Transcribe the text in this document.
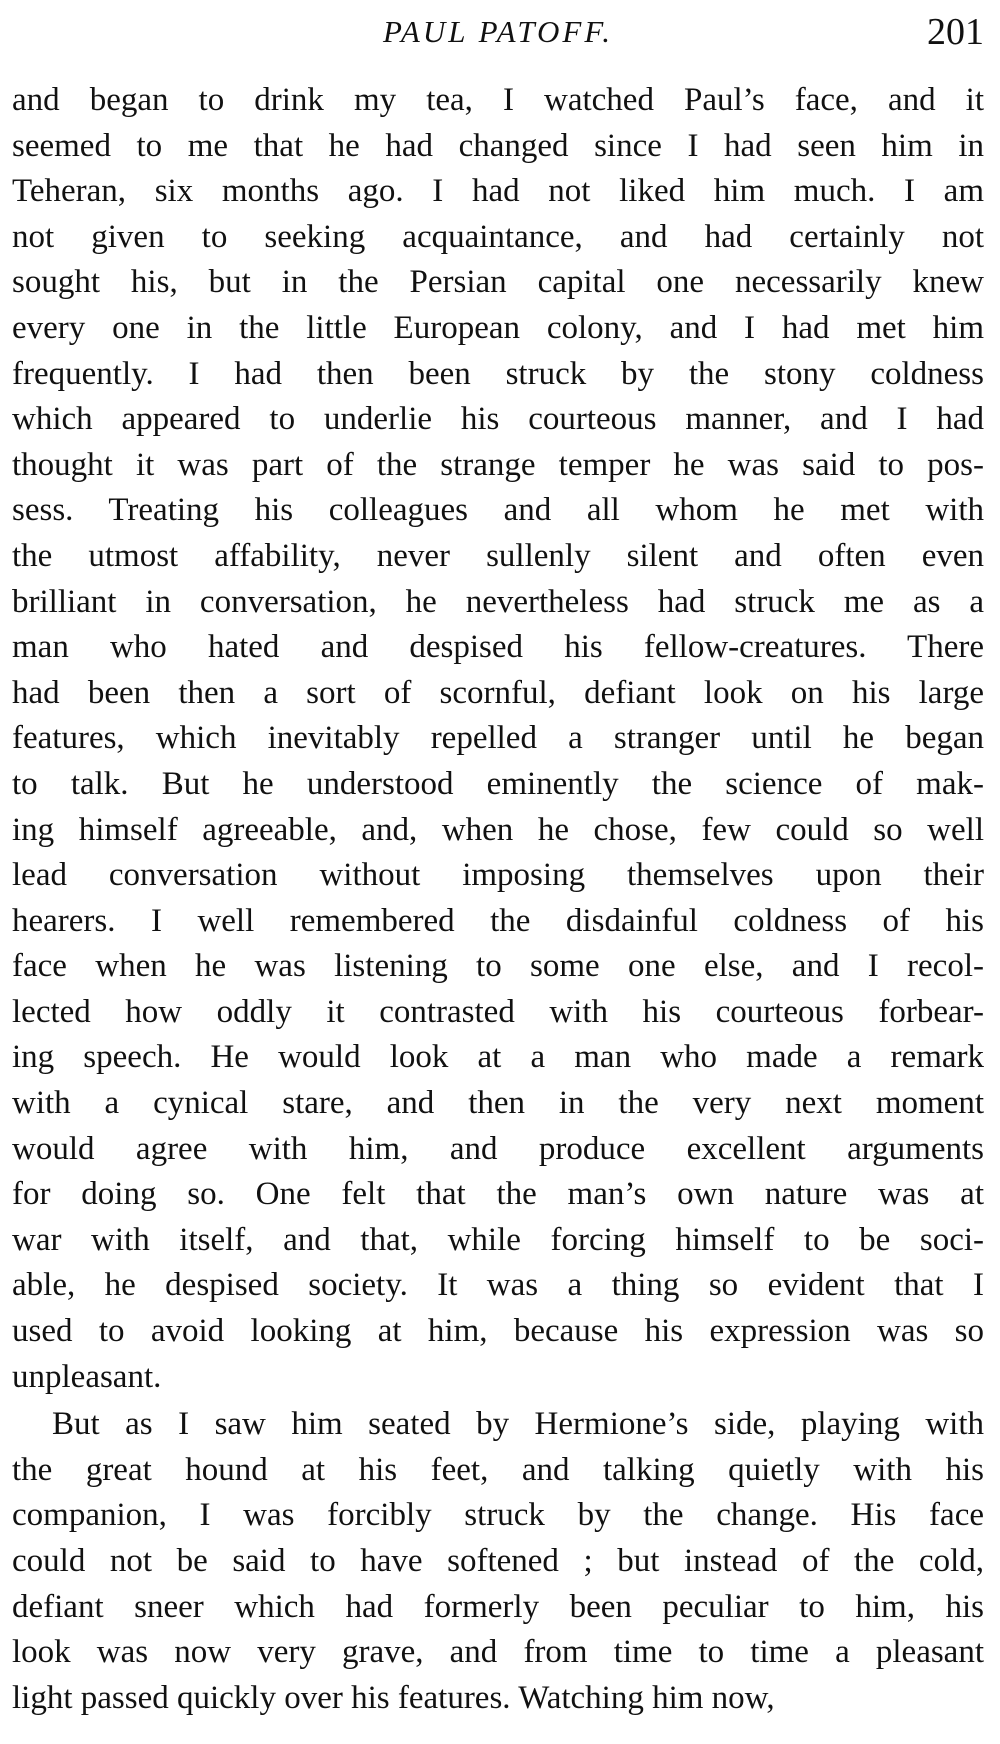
PAUL PATOFF.	201
and began to drink my tea, I watched Paul’s face, and it
seemed to me that he had changed since I had seen him in
Teheran, six months ago. I had not liked him much. I am
not given to seeking acquaintance, and had certainly not
sought his, but in the Persian capital one necessarily knew
every one in the little European colony, and I had met him
frequently. I had then been struck by the stony coldness
which appeared to underlie his courteous manner, and I had
thought it was part of the strange temper he was said to pos-
sess. Treating his colleagues and all whom he met with
the utmost affability, never sullenly silent and often even
brilliant in conversation, he nevertheless had struck me as a
man who hated and despised his fellow-creatures. There
had been then a sort of scornful, defiant look on his large
features, which inevitably repelled a stranger until he began
to talk. But he understood eminently the science of mak-
ing himself agreeable, and, when he chose, few could so well
lead conversation without imposing themselves upon their
hearers. I well remembered the disdainful coldness of his
face when he was listening to some one else, and I recol-
lected how oddly it contrasted with his courteous forbear-
ing speech. He would look at a man who made a remark
with a cynical stare, and then in the very next moment
would agree with him, and produce excellent arguments
for doing so. One felt that the man’s own nature was at
war with itself, and that, while forcing himself to be soci-
able, he despised society. It was a thing so evident that I
used to avoid looking at him, because his expression was so
unpleasant.
But as I saw him seated by Hermione’s side, playing with
the great hound at his feet, and talking quietly with his
companion, I was forcibly struck by the change. His face
could not be said to have softened ; but instead of the cold,
defiant sneer which had formerly been peculiar to him, his
look was now very grave, and from time to time a pleasant
light passed quickly over his features. Watching him now,
